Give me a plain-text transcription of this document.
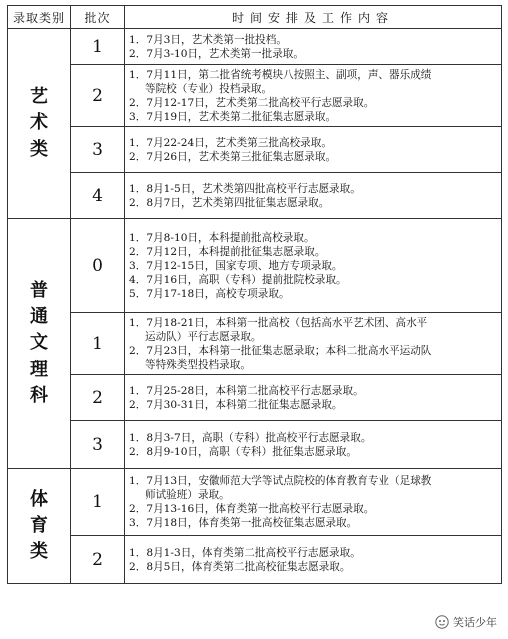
录取类别	批次	时间安排及工作内容

艺
术
类	1	1．7月3日，艺术类第一批投档。
2．7月3-10日，艺术类第一批录取。

	2	1．7月11日，第二批省统考模块八按照主、副项，声、器乐成绩
等院校（专业）投档录取。
2．7月12-17日，艺术类第二批高校平行志愿录取。
3．7月19日，艺术类第二批征集志愿录取。

	3	1．7月22-24日，艺术类第三批高校录取。
2．7月26日，艺术类第三批征集志愿录取。

	4	1．8月1-5日，艺术类第四批高校平行志愿录取。
2．8月7日，艺术类第四批征集志愿录取。

普
通
文
理
科	0	1．7月8-10日，本科提前批高校录取。
2．7月12日，本科提前批征集志愿录取。
3．7月12-15日，国家专项、地方专项录取。
4．7月16日，高职（专科）提前批院校录取。
5．7月17-18日，高校专项录取。

	1	1．7月18-21日，本科第一批高校（包括高水平艺术团、高水平
运动队）平行志愿录取。
2．7月23日，本科第一批征集志愿录取；本科二批高水平运动队
等特殊类型投档录取。

	2	1．7月25-28日，本科第二批高校平行志愿录取。
2．7月30-31日，本科第二批征集志愿录取。

	3	1．8月3-7日，高职（专科）批高校平行志愿录取。
2．8月9-10日，高职（专科）批征集志愿录取。

体
育
类	1	1．7月13日，安徽师范大学等试点院校的体育教育专业（足球教
师试验班）录取。
2．7月13-16日，体育类第一批高校平行志愿录取。
3．7月18日，体育类第一批高校征集志愿录取。

	2	1．8月1-3日，体育类第二批高校平行志愿录取。
2．8月5日，体育类第二批高校征集志愿录取。
笑话少年
